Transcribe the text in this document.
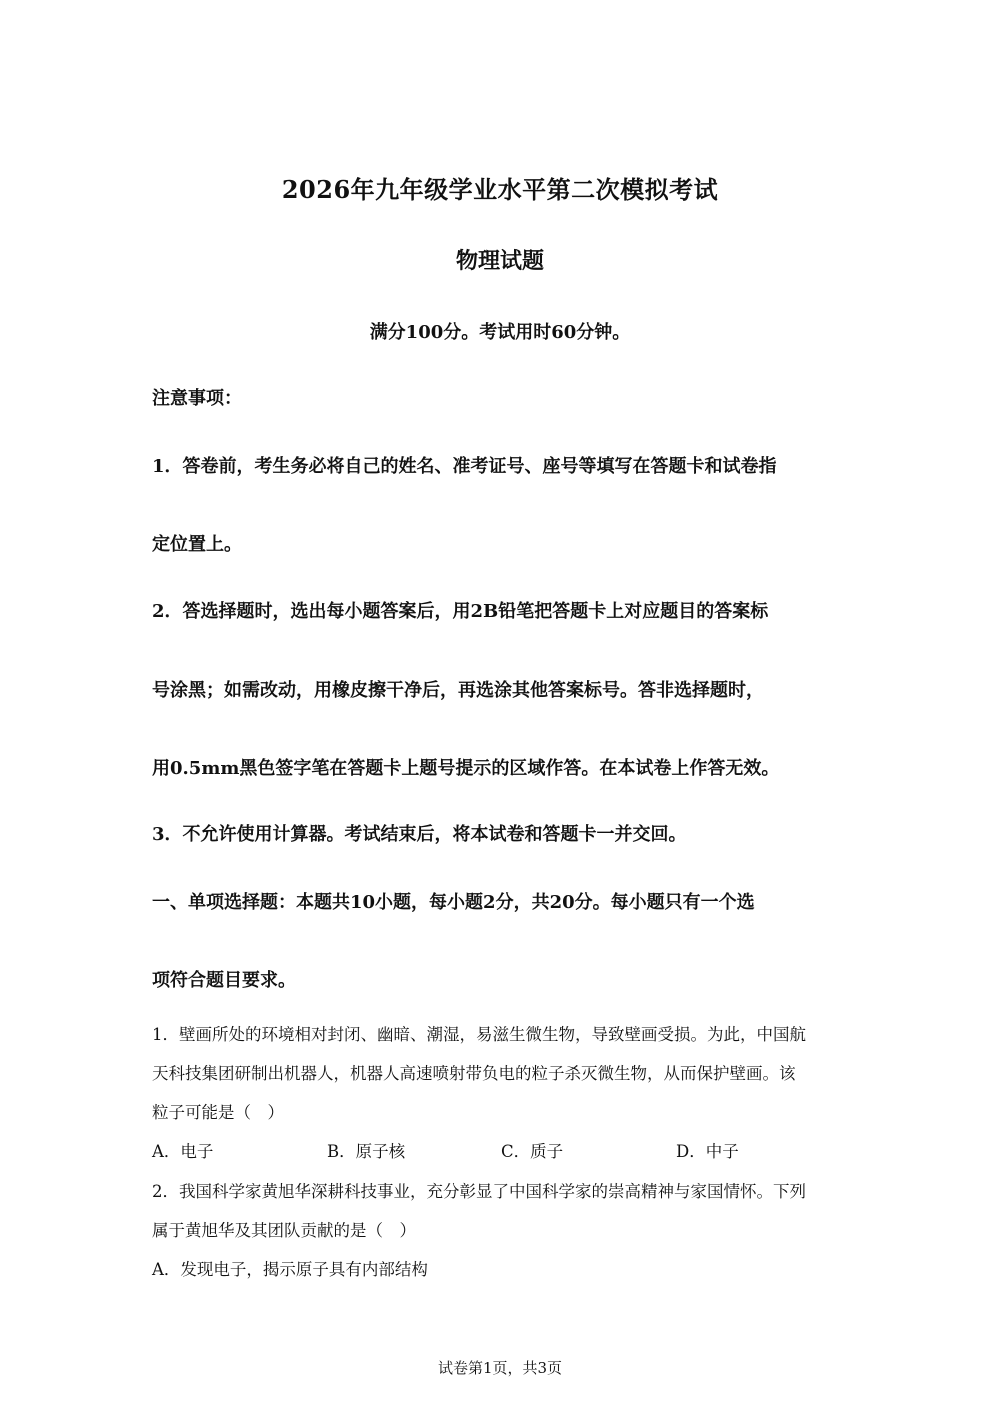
2026年九年级学业水平第二次模拟考试
物理试题
满分100分。考试用时60分钟。
注意事项：
1．答卷前，考生务必将自己的姓名、准考证号、座号等填写在答题卡和试卷指
定位置上。
2．答选择题时，选出每小题答案后，用2B铅笔把答题卡上对应题目的答案标
号涂黑；如需改动，用橡皮擦干净后，再选涂其他答案标号。答非选择题时，
用0.5mm黑色签字笔在答题卡上题号提示的区域作答。在本试卷上作答无效。
3．不允许使用计算器。考试结束后，将本试卷和答题卡一并交回。
一、单项选择题：本题共10小题，每小题2分，共20分。每小题只有一个选
项符合题目要求。
1．壁画所处的环境相对封闭、幽暗、潮湿，易滋生微生物，导致壁画受损。为此，中国航
天科技集团研制出机器人，机器人高速喷射带负电的粒子杀灭微生物，从而保护壁画。该
粒子可能是（　）
A．电子	B．原子核	C．质子	D．中子
2．我国科学家黄旭华深耕科技事业，充分彰显了中国科学家的崇高精神与家国情怀。下列
属于黄旭华及其团队贡献的是（　）
A．发现电子，揭示原子具有内部结构
试卷第1页，共3页
